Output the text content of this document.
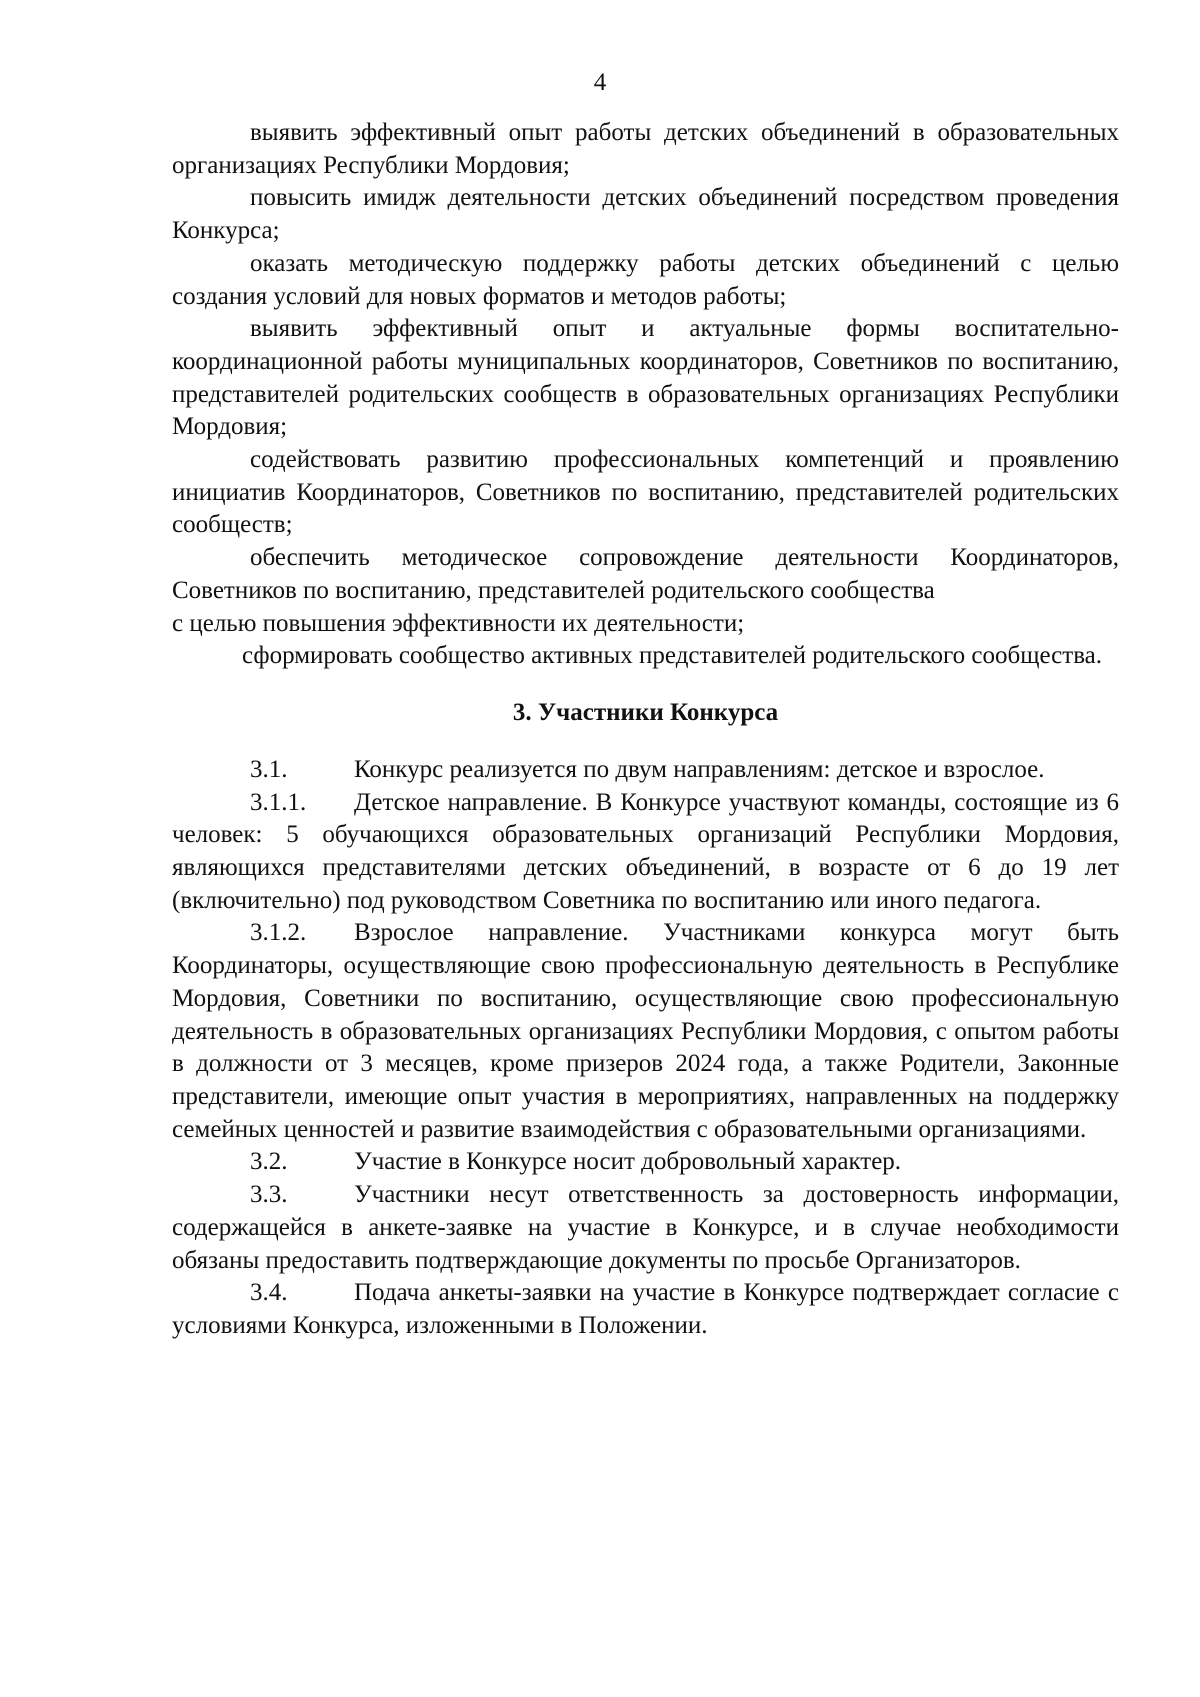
4

выявить эффективный опыт работы детских объединений в образовательных организациях Республики Мордовия;

повысить имидж деятельности детских объединений посредством проведения Конкурса;

оказать методическую поддержку работы детских объединений с целью создания условий для новых форматов и методов работы;

выявить эффективный опыт и актуальные формы воспитательно-координационной работы муниципальных координаторов, Советников по воспитанию, представителей родительских сообществ в образовательных организациях Республики Мордовия;

содействовать развитию профессиональных компетенций и проявлению инициатив Координаторов, Советников по воспитанию, представителей родительских сообществ;

обеспечить методическое сопровождение деятельности Координаторов, Советников по воспитанию, представителей родительского сообщества

с целью повышения эффективности их деятельности;

сформировать сообщество активных представителей родительского сообщества.

3. Участники Конкурса

3.1.	Конкурс реализуется по двум направлениям: детское и взрослое.

3.1.1. Детское направление. В Конкурсе участвуют команды, состоящие из 6 человек: 5 обучающихся образовательных организаций Республики Мордовия, являющихся представителями детских объединений, в возрасте от 6 до 19 лет (включительно) под руководством Советника по воспитанию или иного педагога.

3.1.2. Взрослое направление. Участниками конкурса могут быть Координаторы, осуществляющие свою профессиональную деятельность в Республике Мордовия, Советники по воспитанию, осуществляющие свою профессиональную деятельность в образовательных организациях Республики Мордовия, с опытом работы в должности от 3 месяцев, кроме призеров 2024 года, а также Родители, Законные представители, имеющие опыт участия в мероприятиях, направленных на поддержку семейных ценностей и развитие взаимодействия с образовательными организациями.

3.2.	Участие в Конкурсе носит добровольный характер.

3.3.	Участники несут ответственность за достоверность информации, содержащейся в анкете-заявке на участие в Конкурсе, и в случае необходимости обязаны предоставить подтверждающие документы по просьбе Организаторов.

3.4.	Подача анкеты-заявки на участие в Конкурсе подтверждает согласие с условиями Конкурса, изложенными в Положении.
